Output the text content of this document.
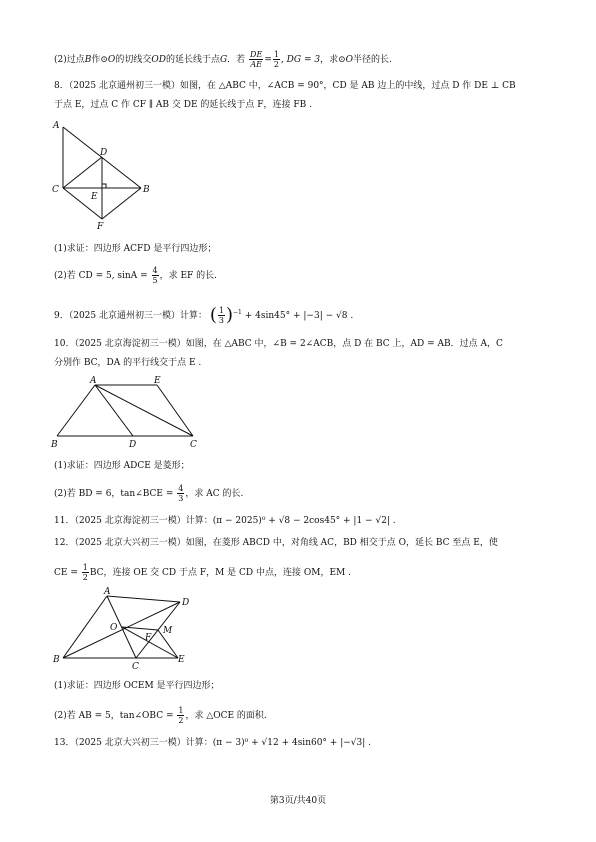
(2)过点B作⊙O的切线交OD的延长线于点G．若 $\frac{DE}{AE} = \frac{1}{2}$ , DG = 3，求⊙O半径的长.
8．（2025 北京通州初三一模）如图，在 △ABC 中，∠ACB = 90°，CD 是 AB 边上的中线，过点 D 作 DE ⊥ CB
于点 E，过点 C 作 CF ∥ AB 交 DE 的延长线于点 F，连接 FB .
A
D
C
E
B
F
(1)求证：四边形 ACFD 是平行四边形；
(2)若 CD = 5, $\sin A = \frac{4}{5}$ ，求 EF 的长.
9．（2025 北京通州初三一模）计算： ( $\frac{1}{3} )^{-1} + 4\sin 45^\circ + |-3| - √8$ .
10．（2025 北京海淀初三一模）如图，在 △ABC 中，∠B = 2∠ACB，点 D 在 BC 上，AD = AB．过点 A，C
分别作 BC，DA 的平行线交于点 E .
A	E
B	D	C
(1)求证：四边形 ADCE 是菱形；
(2)若 BD = 6，tan∠BCE = $\frac{4}{3}$ ，求 AC 的长.
11．（2025 北京海淀初三一模）计算：(π − 2025)⁰ + √8 − 2cos45° + |1 − √2| .
12．（2025 北京大兴初三一模）如图，在菱形 ABCD 中，对角线 AC，BD 相交于点 O，延长 BC 至点 E，使
CE = $\frac{1}{2}$ BC，连接 OE 交 CD 于点 F，M 是 CD 中点，连接 OM，EM .
A
D
O	M
F
B
C
E
(1)求证：四边形 OCEM 是平行四边形；
(2)若 AB = 5，tan∠OBC = $\frac{1}{2}$ ，求 △OCE 的面积.
13．（2025 北京大兴初三一模）计算：(π − 3)⁰ + √12 + 4sin60° + |−√3| .
第3页/共40页
